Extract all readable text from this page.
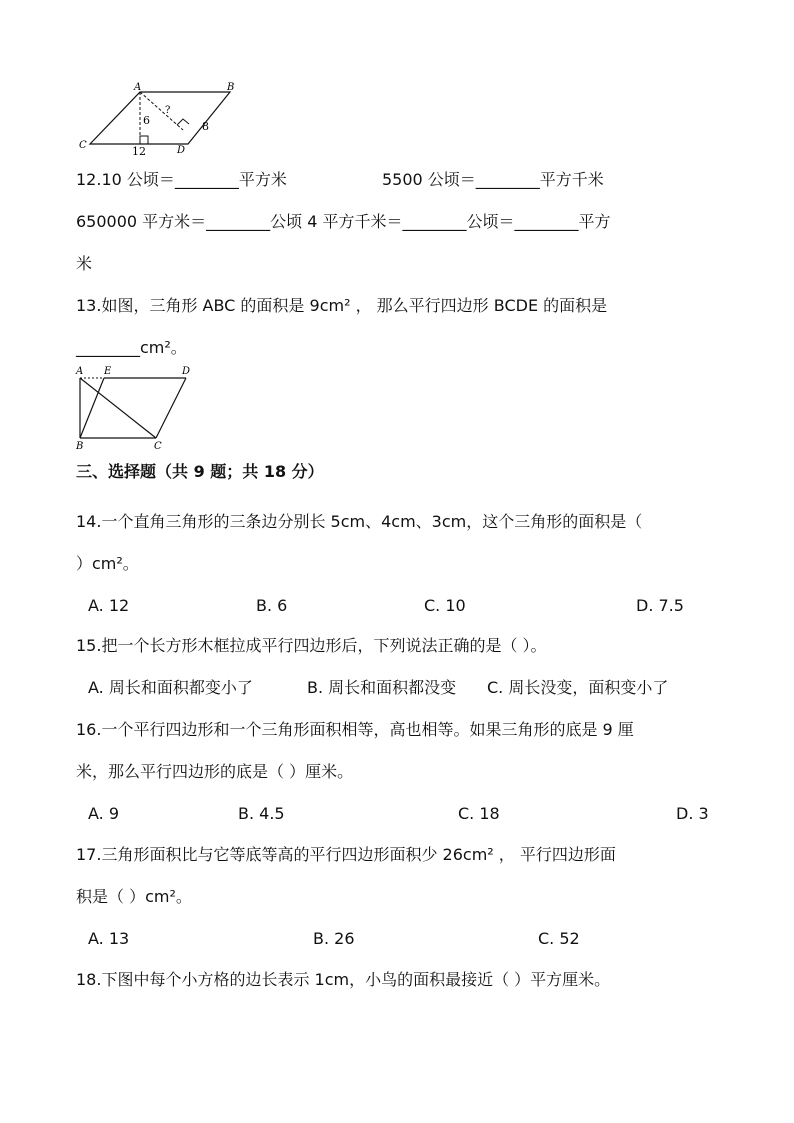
A	B
C	D
6
12
?
8
12.10 公顷＝________平方米	5500 公顷＝________平方千米
650000 平方米＝________公顷 4 平方千米＝________公顷＝________平方
米
13.如图，三角形 ABC 的面积是 9cm² ， 那么平行四边形 BCDE 的面积是
________cm²。
A E	D
B	C
三、选择题（共 9 题；共 18 分）
14.一个直角三角形的三条边分别长 5cm、4cm、3cm，这个三角形的面积是（
）cm²。
A. 12	B. 6	C. 10	D. 7.5
15.把一个长方形木框拉成平行四边形后，下列说法正确的是（ ）。
A. 周长和面积都变小了	B. 周长和面积都没变 C. 周长没变，面积变小了
16.一个平行四边形和一个三角形面积相等，高也相等。如果三角形的底是 9 厘
米，那么平行四边形的底是（ ）厘米。
A. 9	B. 4.5	C. 18	D. 3
17.三角形面积比与它等底等高的平行四边形面积少 26cm² ， 平行四边形面
积是（ ）cm²。
A. 13	B. 26	C. 52
18.下图中每个小方格的边长表示 1cm，小鸟的面积最接近（ ）平方厘米。
